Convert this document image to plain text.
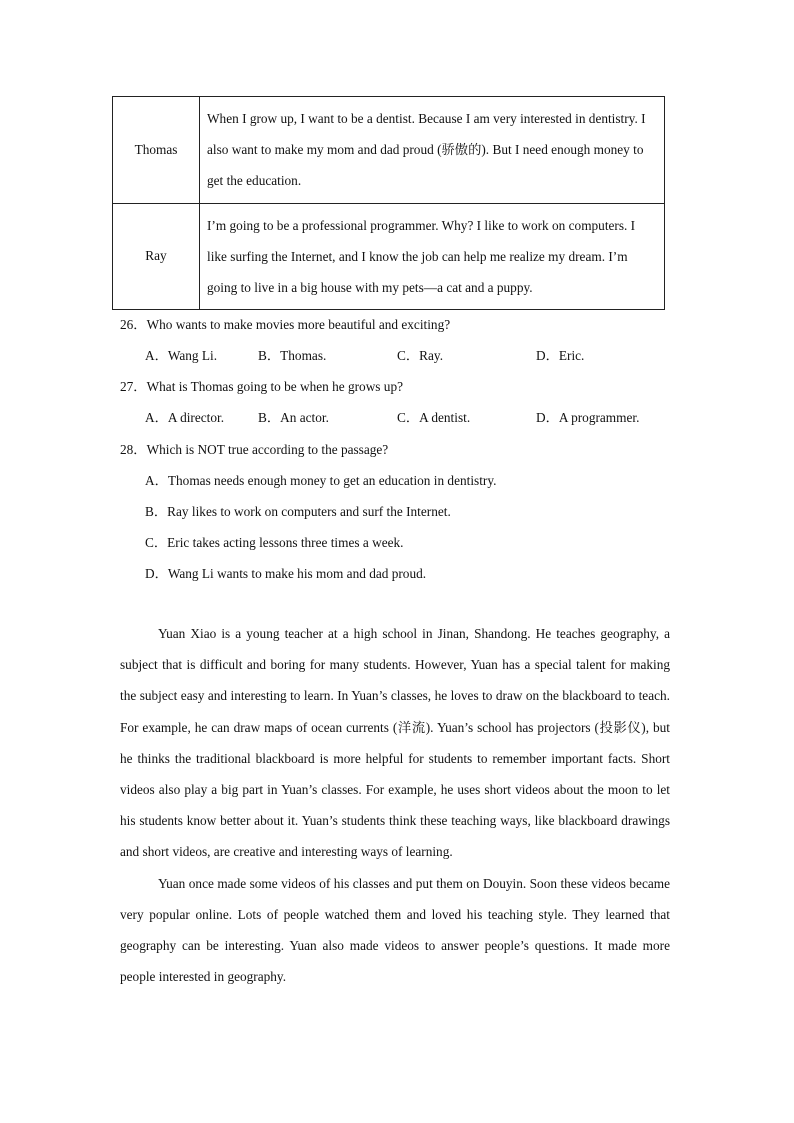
Thomas	When I grow up, I want to be a dentist. Because I am very interested in dentistry. I also want to make my mom and dad proud (骄傲的). But I need enough money to get the education.
Ray	I’m going to be a professional programmer. Why? I like to work on computers. I like surfing the Internet, and I know the job can help me realize my dream. I’m going to live in a big house with my pets—a cat and a puppy.
26．Who wants to make movies more beautiful and exciting?
A．Wang Li.	B．Thomas.	C．Ray.	D．Eric.
27．What is Thomas going to be when he grows up?
A．A director.	B．An actor.	C．A dentist.	D．A programmer.
28．Which is NOT true according to the passage?
A．Thomas needs enough money to get an education in dentistry.
B．Ray likes to work on computers and surf the Internet.
C．Eric takes acting lessons three times a week.
D．Wang Li wants to make his mom and dad proud.

Yuan Xiao is a young teacher at a high school in Jinan, Shandong. He teaches geography, a subject that is difficult and boring for many students. However, Yuan has a special talent for making the subject easy and interesting to learn. In Yuan’s classes, he loves to draw on the blackboard to teach. For example, he can draw maps of ocean currents (洋流). Yuan’s school has projectors (投影仪), but he thinks the traditional blackboard is more helpful for students to remember important facts. Short videos also play a big part in Yuan’s classes. For example, he uses short videos about the moon to let his students know better about it. Yuan’s students think these teaching ways, like blackboard drawings and short videos, are creative and interesting ways of learning.

Yuan once made some videos of his classes and put them on Douyin. Soon these videos became very popular online. Lots of people watched them and loved his teaching style. They learned that geography can be interesting. Yuan also made videos to answer people’s questions. It made more people interested in geography.
